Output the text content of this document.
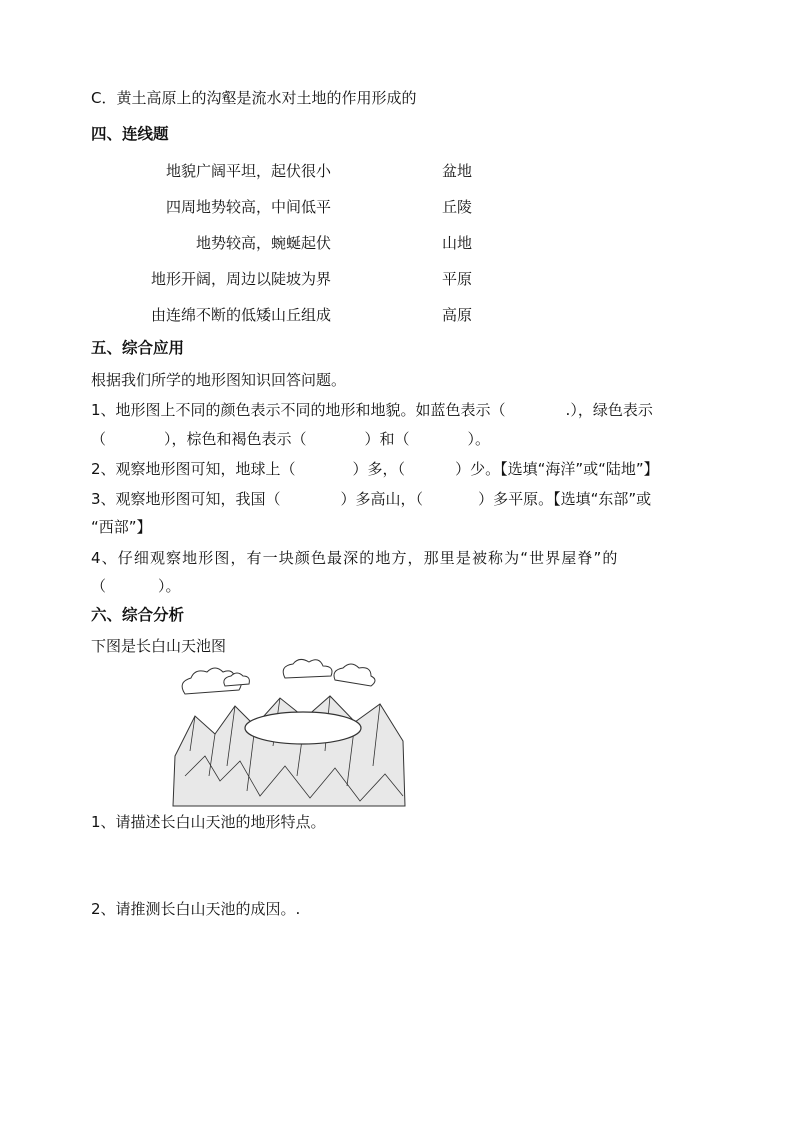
C．黄土高原上的沟壑是流水对土地的作用形成的
四、连线题
地貌广阔平坦，起伏很小	盆地
四周地势较高，中间低平	丘陵
地势较高，蜿蜒起伏	山地
地形开阔，周边以陡坡为界	平原
由连绵不断的低矮山丘组成	高原
五、综合应用
根据我们所学的地形图知识回答问题。
1、地形图上不同的颜色表示不同的地形和地貌。如蓝色表示（	.），绿色表示
（	），棕色和褐色表示（	）和（	）。
2、观察地形图可知，地球上（	）多，（	）少。【选填“海洋”或“陆地”】
3、观察地形图可知，我国（	）多高山，（	）多平原。【选填“东部”或
“西部”】
4、仔细观察地形图，有一块颜色最深的地方，那里是被称为“世界屋脊”的
（	）。
六、综合分析
下图是长白山天池图
1、请描述长白山天池的地形特点。
2、请推测长白山天池的成因。.
